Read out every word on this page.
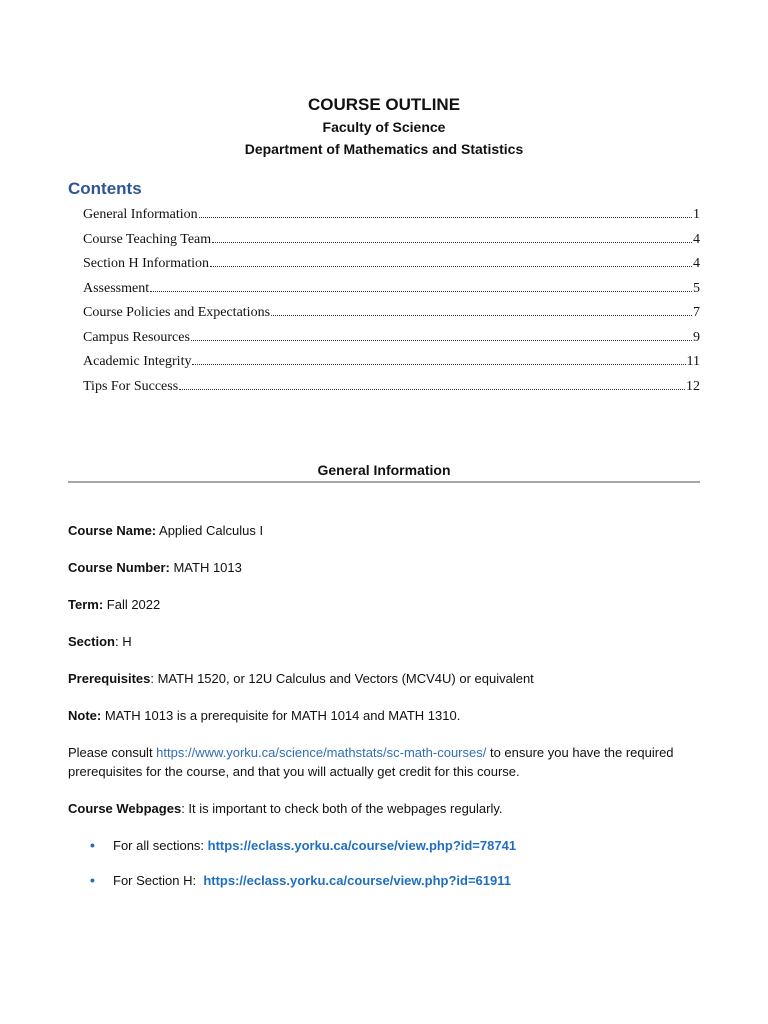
COURSE OUTLINE

Faculty of Science

Department of Mathematics and Statistics

Contents
General Information	1
Course Teaching Team	4
Section H Information	4
Assessment	5
Course Policies and Expectations	7
Campus Resources	9
Academic Integrity	11
Tips For Success	12
General Information

Course Name: Applied Calculus I

Course Number: MATH 1013

Term: Fall 2022

Section: H

Prerequisites: MATH 1520, or 12U Calculus and Vectors (MCV4U) or equivalent

Note: MATH 1013 is a prerequisite for MATH 1014 and MATH 1310.

Please consult https://www.yorku.ca/science/mathstats/sc-math-courses/ to ensure you have the required prerequisites for the course, and that you will actually get credit for this course.

Course Webpages: It is important to check both of the webpages regularly.

•	For all sections: https://eclass.yorku.ca/course/view.php?id=78741
•	For Section H:  https://eclass.yorku.ca/course/view.php?id=61911
